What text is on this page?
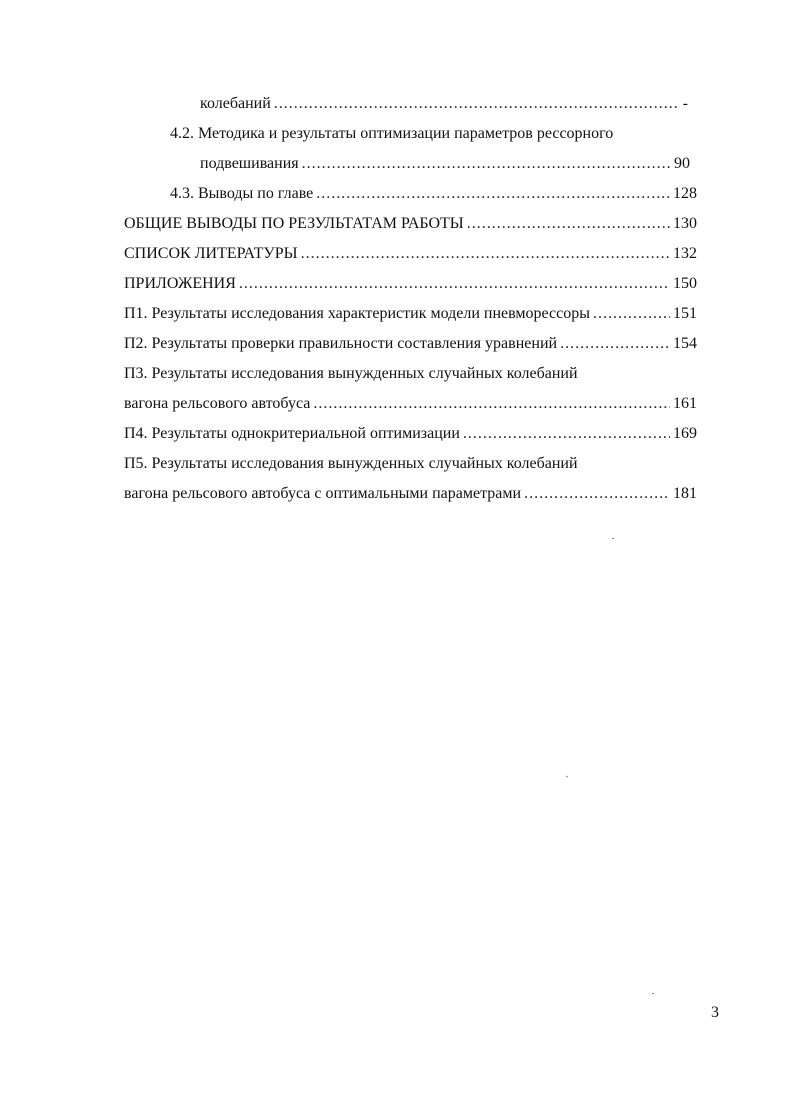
колебаний .....	-
4.2. Методика и результаты оптимизации параметров рессорного
подвешивания .....	90
4.3. Выводы по главе .....	128
ОБЩИЕ ВЫВОДЫ ПО РЕЗУЛЬТАТАМ РАБОТЫ .....	130
СПИСОК ЛИТЕРАТУРЫ .....	132
ПРИЛОЖЕНИЯ .....	150
П1. Результаты исследования характеристик модели пневморессоры .....	151
П2. Результаты проверки правильности составления уравнений .....	154
П3. Результаты исследования вынужденных случайных колебаний
вагона рельсового автобуса .....	161
П4. Результаты однокритериальной оптимизации .....	169
П5. Результаты исследования вынужденных случайных колебаний
вагона рельсового автобуса с оптимальными параметрами .....	181
3
